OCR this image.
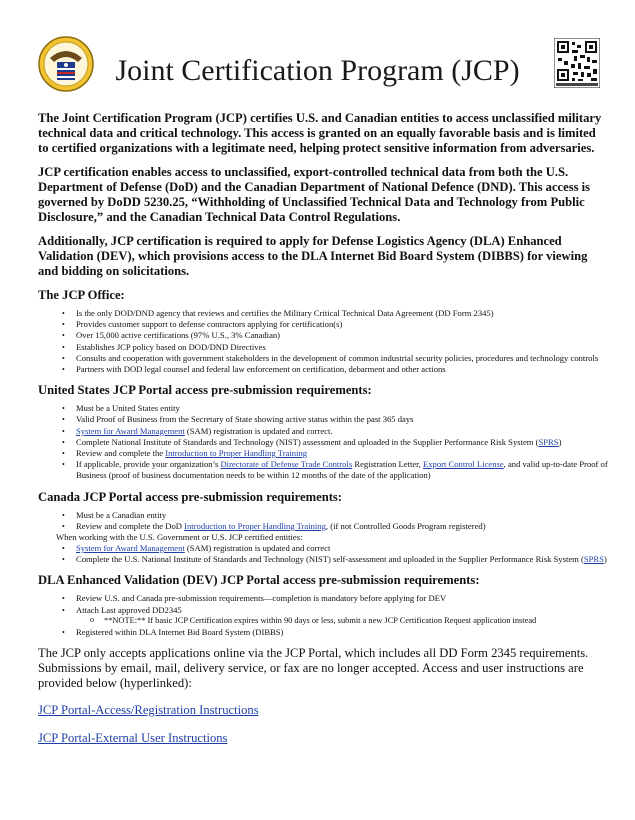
Joint Certification Program (JCP)

The Joint Certification Program (JCP) certifies U.S. and Canadian entities to access unclassified military technical data and critical technology. This access is granted on an equally favorable basis and is limited to certified organizations with a legitimate need, helping protect sensitive information from adversaries.

JCP certification enables access to unclassified, export-controlled technical data from both the U.S. Department of Defense (DoD) and the Canadian Department of National Defence (DND). This access is governed by DoDD 5230.25, “Withholding of Unclassified Technical Data and Technology from Public Disclosure,” and the Canadian Technical Data Control Regulations.

Additionally, JCP certification is required to apply for Defense Logistics Agency (DLA) Enhanced Validation (DEV), which provisions access to the DLA Internet Bid Board System (DIBBS) for viewing and bidding on solicitations.

The JCP Office:
• Is the only DOD/DND agency that reviews and certifies the Military Critical Technical Data Agreement (DD Form 2345)
• Provides customer support to defense contractors applying for certification(s)
• Over 15,000 active certifications (97% U.S., 3% Canadian)
• Establishes JCP policy based on DOD/DND Directives
• Consults and cooperation with government stakeholders in the development of common industrial security policies, procedures and technology controls
• Partners with DOD legal counsel and federal law enforcement on certification, debarment and other actions
United States JCP Portal access pre-submission requirements:
• Must be a United States entity
• Valid Proof of Business from the Secretary of State showing active status within the past 365 days
• System for Award Management (SAM) registration is updated and correct.
• Complete National Institute of Standards and Technology (NIST) assessment and uploaded in the Supplier Performance Risk System (SPRS)
• Review and complete the Introduction to Proper Handling Training
• If applicable, provide your organization’s Directorate of Defense Trade Controls Registration Letter, Export Control License, and valid up-to-date Proof of Business (proof of business documentation needs to be within 12 months of the date of the application)
Canada JCP Portal access pre-submission requirements:
• Must be a Canadian entity
• Review and complete the DoD Introduction to Proper Handling Training, (if not Controlled Goods Program registered)
When working with the U.S. Government or U.S. JCP certified entities:
• System for Award Management (SAM) registration is updated and correct
• Complete the U.S. National Institute of Standards and Technology (NIST) self-assessment and uploaded in the Supplier Performance Risk System (SPRS)
DLA Enhanced Validation (DEV) JCP Portal access pre-submission requirements:
• Review U.S. and Canada pre-submission requirements—completion is mandatory before applying for DEV
• Attach Last approved DD2345
o **NOTE:** If basic JCP Certification expires within 90 days or less, submit a new JCP Certification Request application instead
• Registered within DLA Internet Bid Board System (DIBBS)

The JCP only accepts applications online via the JCP Portal, which includes all DD Form 2345 requirements. Submissions by email, mail, delivery service, or fax are no longer accepted. Access and user instructions are provided below (hyperlinked):

JCP Portal-Access/Registration Instructions
JCP Portal-External User Instructions
